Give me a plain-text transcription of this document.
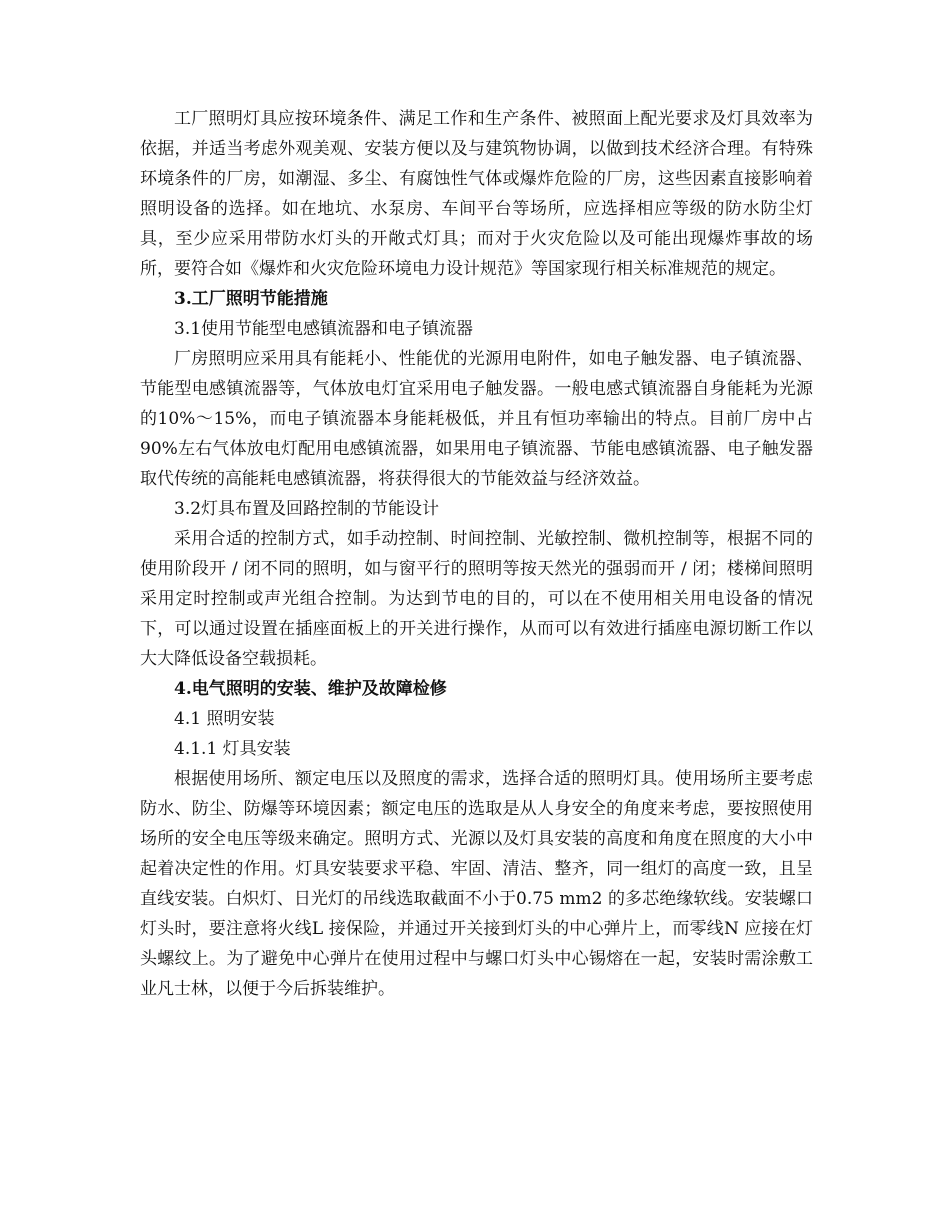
工厂照明灯具应按环境条件、满足工作和生产条件、被照面上配光要求及灯具效率为依据，并适当考虑外观美观、安装方便以及与建筑物协调，以做到技术经济合理。有特殊环境条件的厂房，如潮湿、多尘、有腐蚀性气体或爆炸危险的厂房，这些因素直接影响着照明设备的选择。如在地坑、水泵房、车间平台等场所，应选择相应等级的防水防尘灯具，至少应采用带防水灯头的开敞式灯具；而对于火灾危险以及可能出现爆炸事故的场所，要符合如《爆炸和火灾危险环境电力设计规范》等国家现行相关标准规范的规定。

3.工厂照明节能措施

3.1使用节能型电感镇流器和电子镇流器

厂房照明应采用具有能耗小、性能优的光源用电附件，如电子触发器、电子镇流器、节能型电感镇流器等，气体放电灯宜采用电子触发器。一般电感式镇流器自身能耗为光源的10%～15%，而电子镇流器本身能耗极低，并且有恒功率输出的特点。目前厂房中占90%左右气体放电灯配用电感镇流器，如果用电子镇流器、节能电感镇流器、电子触发器取代传统的高能耗电感镇流器，将获得很大的节能效益与经济效益。

3.2灯具布置及回路控制的节能设计

采用合适的控制方式，如手动控制、时间控制、光敏控制、微机控制等，根据不同的使用阶段开 / 闭不同的照明，如与窗平行的照明等按天然光的强弱而开 / 闭；楼梯间照明采用定时控制或声光组合控制。为达到节电的目的，可以在不使用相关用电设备的情况下，可以通过设置在插座面板上的开关进行操作，从而可以有效进行插座电源切断工作以大大降低设备空载损耗。

4.电气照明的安装、维护及故障检修

4.1 照明安装

4.1.1 灯具安装

根据使用场所、额定电压以及照度的需求，选择合适的照明灯具。使用场所主要考虑防水、防尘、防爆等环境因素；额定电压的选取是从人身安全的角度来考虑，要按照使用场所的安全电压等级来确定。照明方式、光源以及灯具安装的高度和角度在照度的大小中起着决定性的作用。灯具安装要求平稳、牢固、清洁、整齐，同一组灯的高度一致，且呈直线安装。白炽灯、日光灯的吊线选取截面不小于0.75 mm2 的多芯绝缘软线。安装螺口灯头时，要注意将火线L 接保险，并通过开关接到灯头的中心弹片上，而零线N 应接在灯头螺纹上。为了避免中心弹片在使用过程中与螺口灯头中心锡熔在一起，安装时需涂敷工业凡士林，以便于今后拆装维护。
